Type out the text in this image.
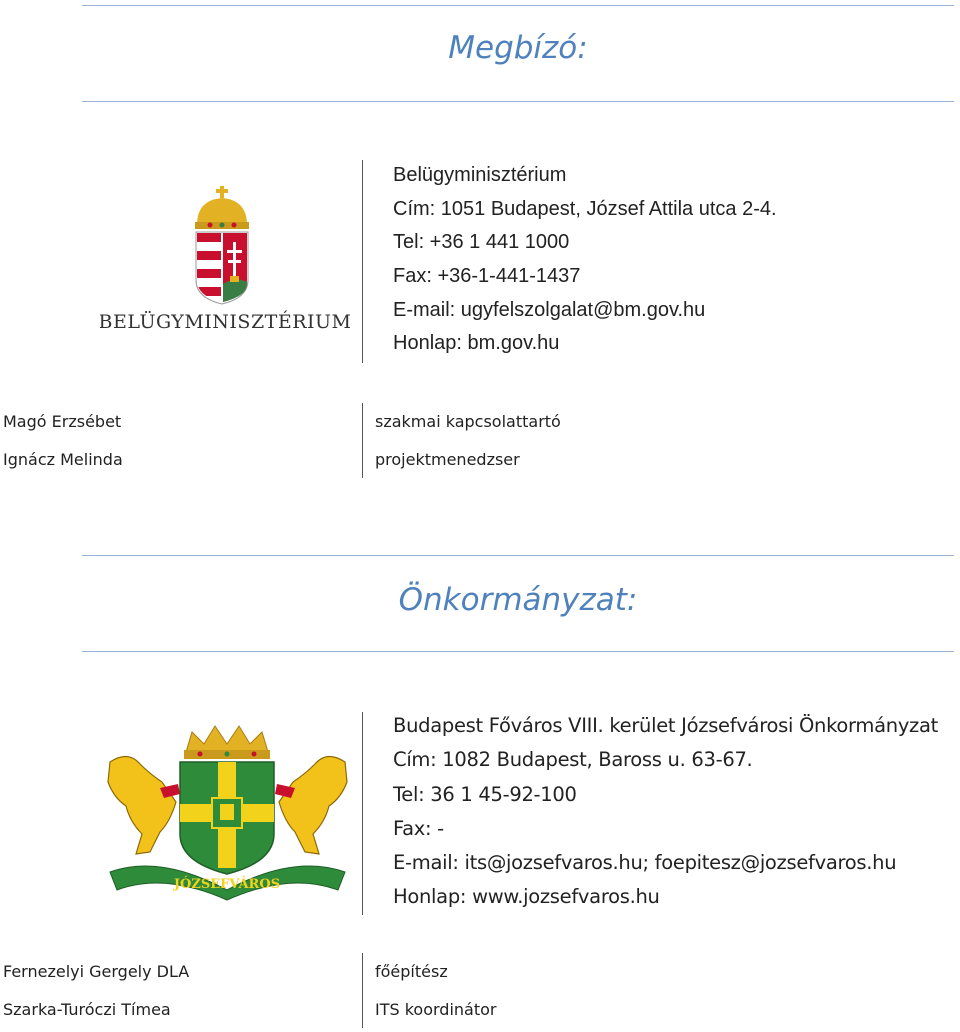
Megbízó:
BELÜGYMINISZTÉRIUM
Belügyminisztérium
Cím: 1051 Budapest, József Attila utca 2-4.
Tel: +36 1 441 1000
Fax: +36-1-441-1437
E-mail: ugyfelszolgalat@bm.gov.hu
Honlap: bm.gov.hu
Magó Erzsébet
Ignácz Melinda
szakmai kapcsolattartó
projektmenedzser
Önkormányzat:
JÓZSEFVÁROS
Budapest Főváros VIII. kerület Józsefvárosi Önkormányzat
Cím: 1082 Budapest, Baross u. 63-67.
Tel: 36 1 45-92-100
Fax: -
E-mail: its@jozsefvaros.hu; foepitesz@jozsefvaros.hu
Honlap: www.jozsefvaros.hu
Fernezelyi Gergely DLA
Szarka-Turóczi Tímea
főépítész
ITS koordinátor
